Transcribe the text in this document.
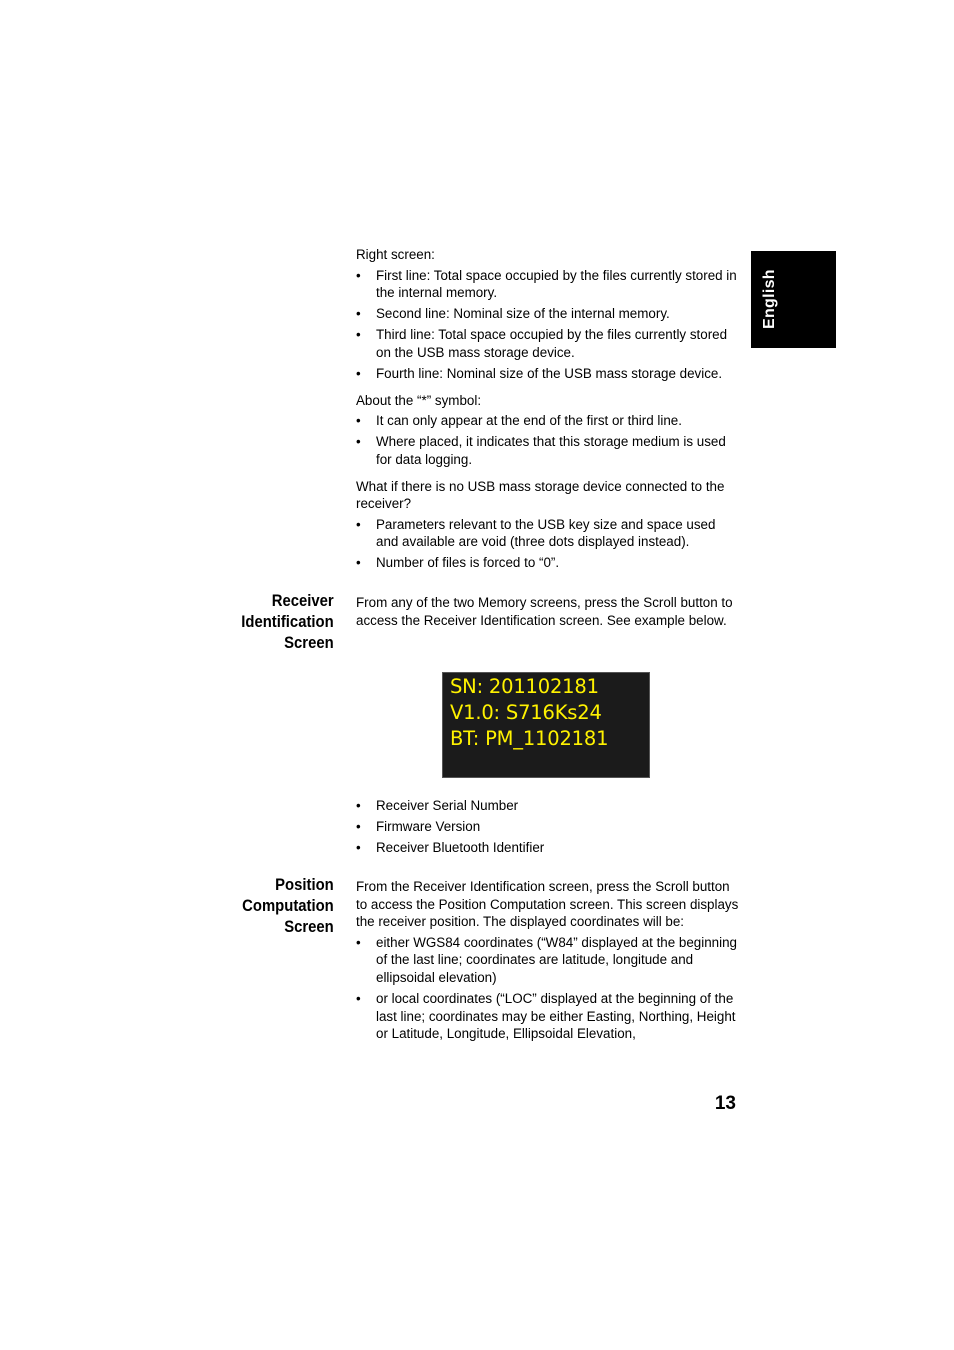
English

Right screen:

• First line: Total space occupied by the files currently stored in the internal memory.
• Second line: Nominal size of the internal memory.
• Third line: Total space occupied by the files currently stored on the USB mass storage device.
• Fourth line: Nominal size of the USB mass storage device.

About the “*” symbol:

• It can only appear at the end of the first or third line.
• Where placed, it indicates that this storage medium is used for data logging.

What if there is no USB mass storage device connected to the receiver?

• Parameters relevant to the USB key size and space used and available are void (three dots displayed instead).
• Number of files is forced to “0”.
Receiver
Identification
Screen

From any of the two Memory screens, press the Scroll button to access the Receiver Identification screen. See example below.

SN: 201102181
V1.0: S716Ks24
BT: PM_1102181
• Receiver Serial Number
• Firmware Version
• Receiver Bluetooth Identifier
Position
Computation
Screen

From the Receiver Identification screen, press the Scroll button to access the Position Computation screen. This screen displays the receiver position. The displayed coordinates will be:

• either WGS84 coordinates (“W84” displayed at the beginning of the last line; coordinates are latitude, longitude and ellipsoidal elevation)
• or local coordinates (“LOC” displayed at the beginning of the last line; coordinates may be either Easting, Northing, Height or Latitude, Longitude, Ellipsoidal Elevation,
13
